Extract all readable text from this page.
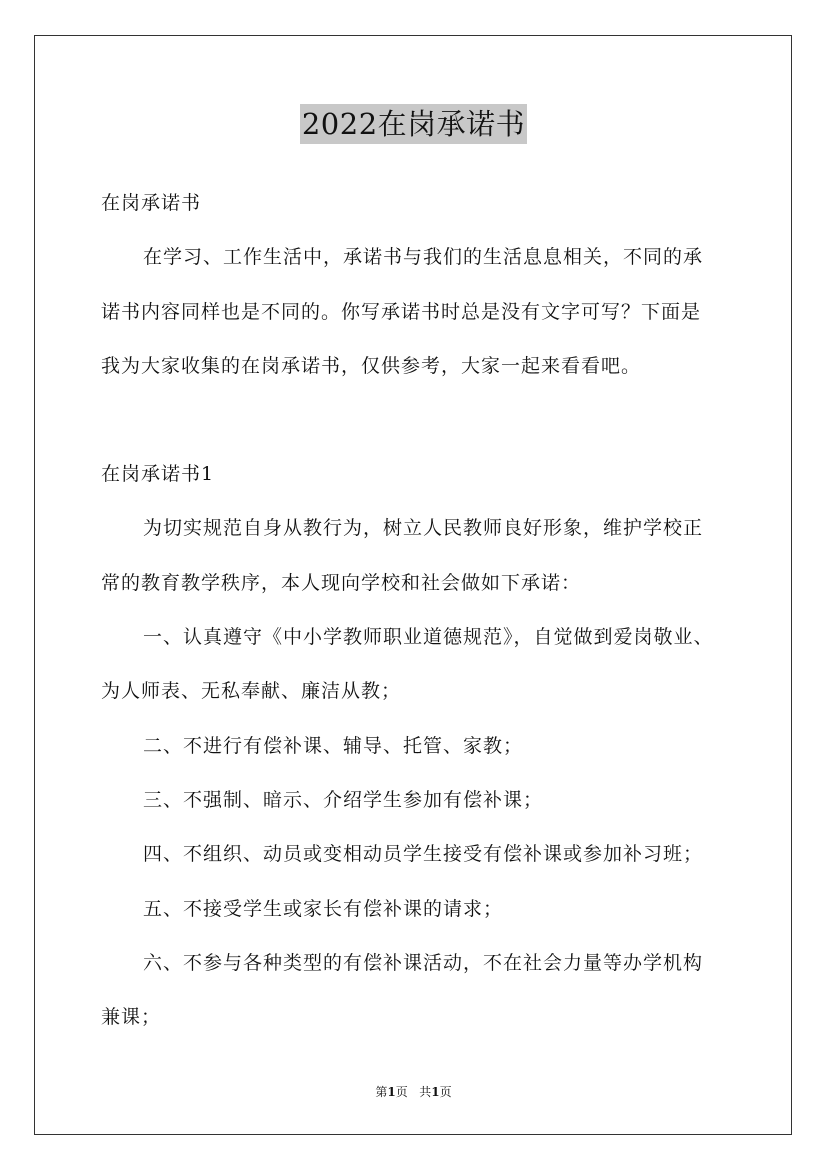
2022在岗承诺书

在岗承诺书

在学习、工作生活中，承诺书与我们的生活息息相关，不同的承

诺书内容同样也是不同的。你写承诺书时总是没有文字可写？下面是

我为大家收集的在岗承诺书，仅供参考，大家一起来看看吧。

在岗承诺书1

为切实规范自身从教行为，树立人民教师良好形象，维护学校正

常的教育教学秩序，本人现向学校和社会做如下承诺：

一、认真遵守《中小学教师职业道德规范》，自觉做到爱岗敬业、

为人师表、无私奉献、廉洁从教；

二、不进行有偿补课、辅导、托管、家教；

三、不强制、暗示、介绍学生参加有偿补课；

四、不组织、动员或变相动员学生接受有偿补课或参加补习班；

五、不接受学生或家长有偿补课的请求；

六、不参与各种类型的有偿补课活动，不在社会力量等办学机构

兼课；

第1页 共1页
